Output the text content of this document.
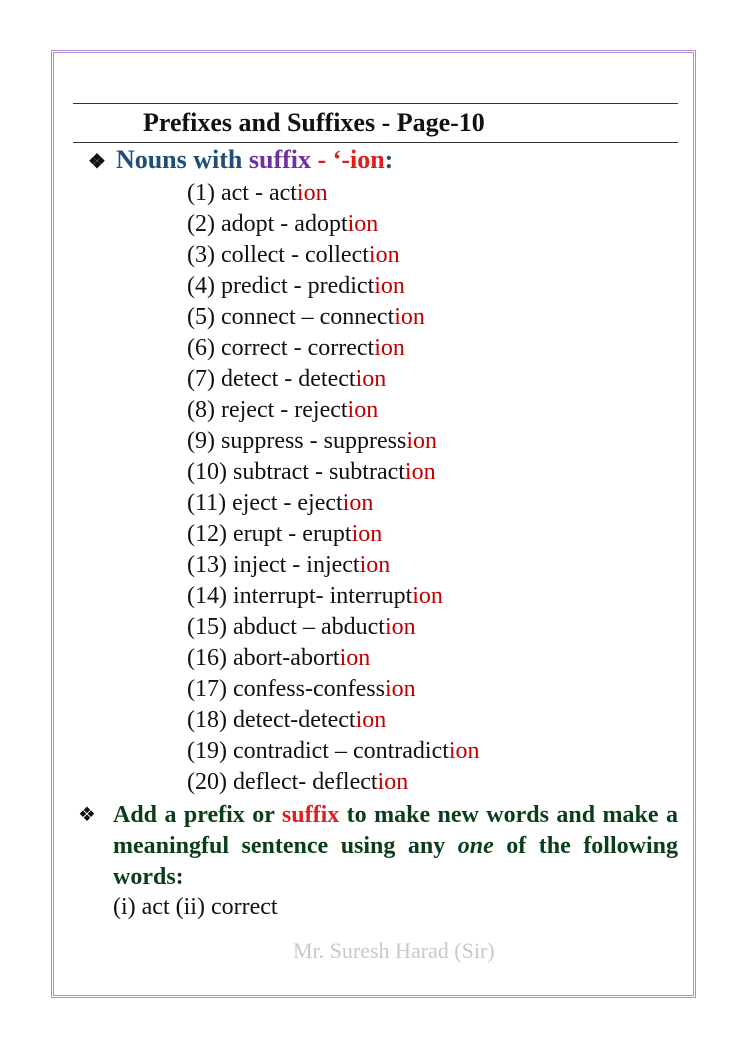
Prefixes and Suffixes - Page-10
❖ Nouns with suffix - ‘-ion:
(1) act - action
(2) adopt - adoption
(3) collect - collection
(4) predict - prediction
(5) connect – connection
(6) correct - correction
(7) detect - detection
(8) reject - rejection
(9) suppress - suppression
(10) subtract - subtraction
(11) eject - ejection
(12) erupt - eruption
(13) inject - injection
(14) interrupt- interruption
(15) abduct – abduction
(16) abort-abortion
(17) confess-confession
(18) detect-detection
(19) contradict – contradiction
(20) deflect- deflection
❖ Add a prefix or suffix to make new words and make a meaningful sentence using any one of the following words:
(i) act (ii) correct
Mr. Suresh Harad (Sir)
